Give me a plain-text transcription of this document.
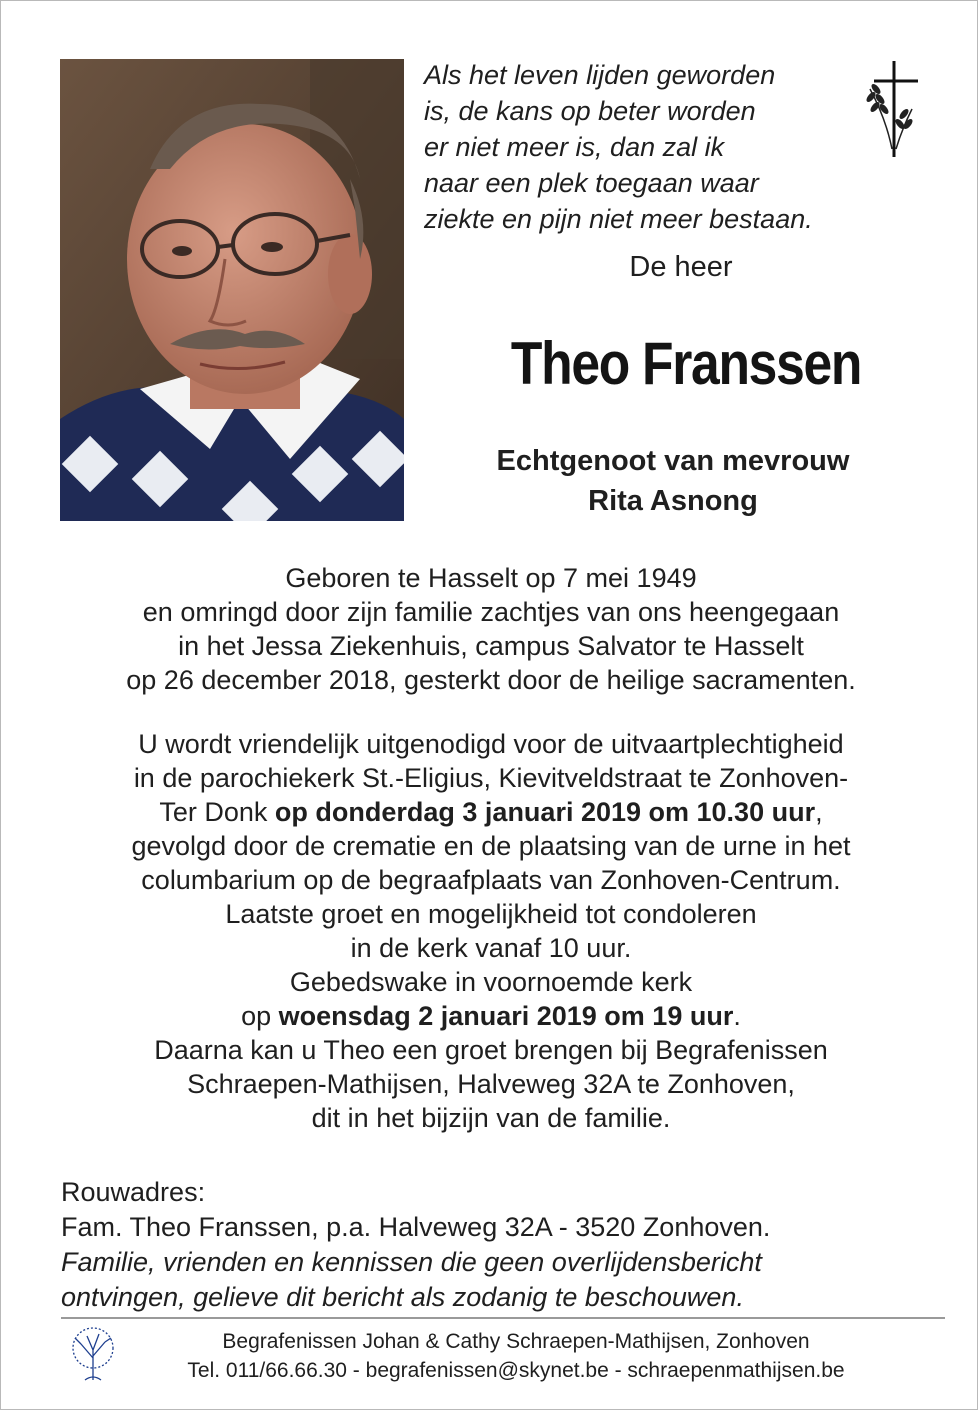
Als het leven lijden geworden
is, de kans op beter worden
er niet meer is, dan zal ik
naar een plek toegaan waar
ziekte en pijn niet meer bestaan.
De heer
Theo Franssen
Echtgenoot van mevrouw
Rita Asnong
Geboren te Hasselt op 7 mei 1949
en omringd door zijn familie zachtjes van ons heengegaan
in het Jessa Ziekenhuis, campus Salvator te Hasselt
op 26 december 2018, gesterkt door de heilige sacramenten.
U wordt vriendelijk uitgenodigd voor de uitvaartplechtigheid
in de parochiekerk St.-Eligius, Kievitveldstraat te Zonhoven-
Ter Donk op donderdag 3 januari 2019 om 10.30 uur,
gevolgd door de crematie en de plaatsing van de urne in het
columbarium op de begraafplaats van Zonhoven-Centrum.
Laatste groet en mogelijkheid tot condoleren
in de kerk vanaf 10 uur.
Gebedswake in voornoemde kerk
op woensdag 2 januari 2019 om 19 uur.
Daarna kan u Theo een groet brengen bij Begrafenissen
Schraepen-Mathijsen, Halveweg 32A te Zonhoven,
dit in het bijzijn van de familie.
Rouwadres:
Fam. Theo Franssen, p.a. Halveweg 32A - 3520 Zonhoven.
Familie, vrienden en kennissen die geen overlijdensbericht
ontvingen, gelieve dit bericht als zodanig te beschouwen.
Begrafenissen Johan & Cathy Schraepen-Mathijsen, Zonhoven
Tel. 011/66.66.30 - begrafenissen@skynet.be - schraepenmathijsen.be
